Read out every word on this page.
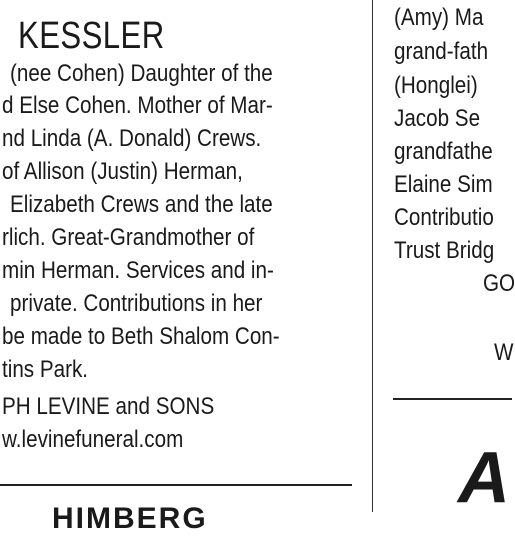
KESSLER
(nee Cohen) Daughter of the
d Else Cohen. Mother of Mar-
nd Linda (A. Donald) Crews.
of Allison (Justin) Herman,
Elizabeth Crews and the late
rlich. Great-Grandmother of
min Herman. Services and in-
private. Contributions in her
be made to Beth Shalom Con-
tins Park.
PH LEVINE and SONS
w.levinefuneral.com
HIMBERG
(Amy) Ma
grand-fath
(Honglei)
Jacob Se
grandfathe
Elaine Sim
Contributio
Trust Bridg
GO
W
A
